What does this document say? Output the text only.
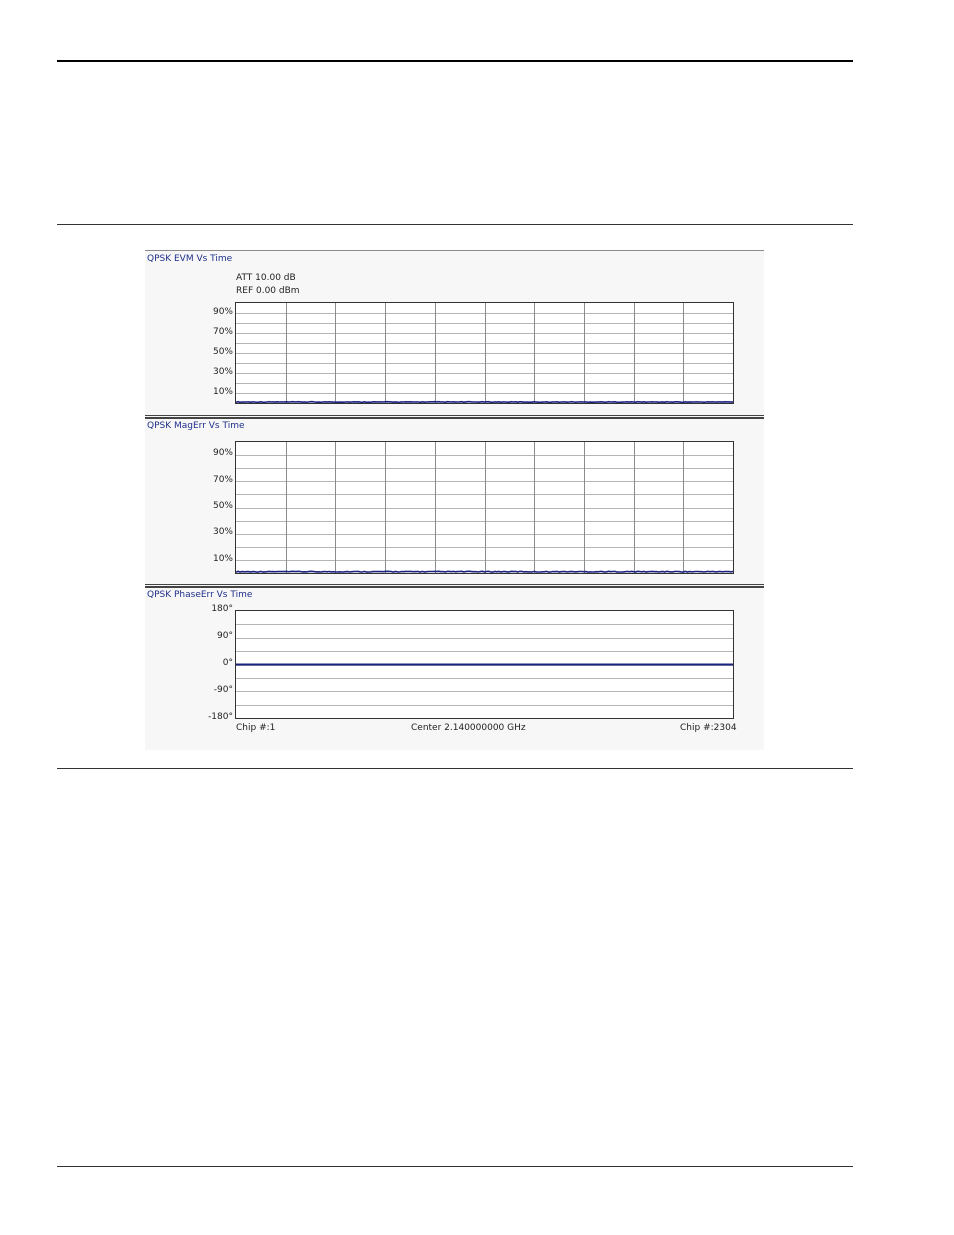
QPSK EVM Vs Time
ATT 10.00 dB
REF 0.00 dBm
90%
70%
50%
30%
10%
QPSK MagErr Vs Time
90%
70%
50%
30%
10%
QPSK PhaseErr Vs Time
180°
90°
0°
-90°
-180°
Chip #:1	Center 2.140000000 GHz	Chip #:2304
